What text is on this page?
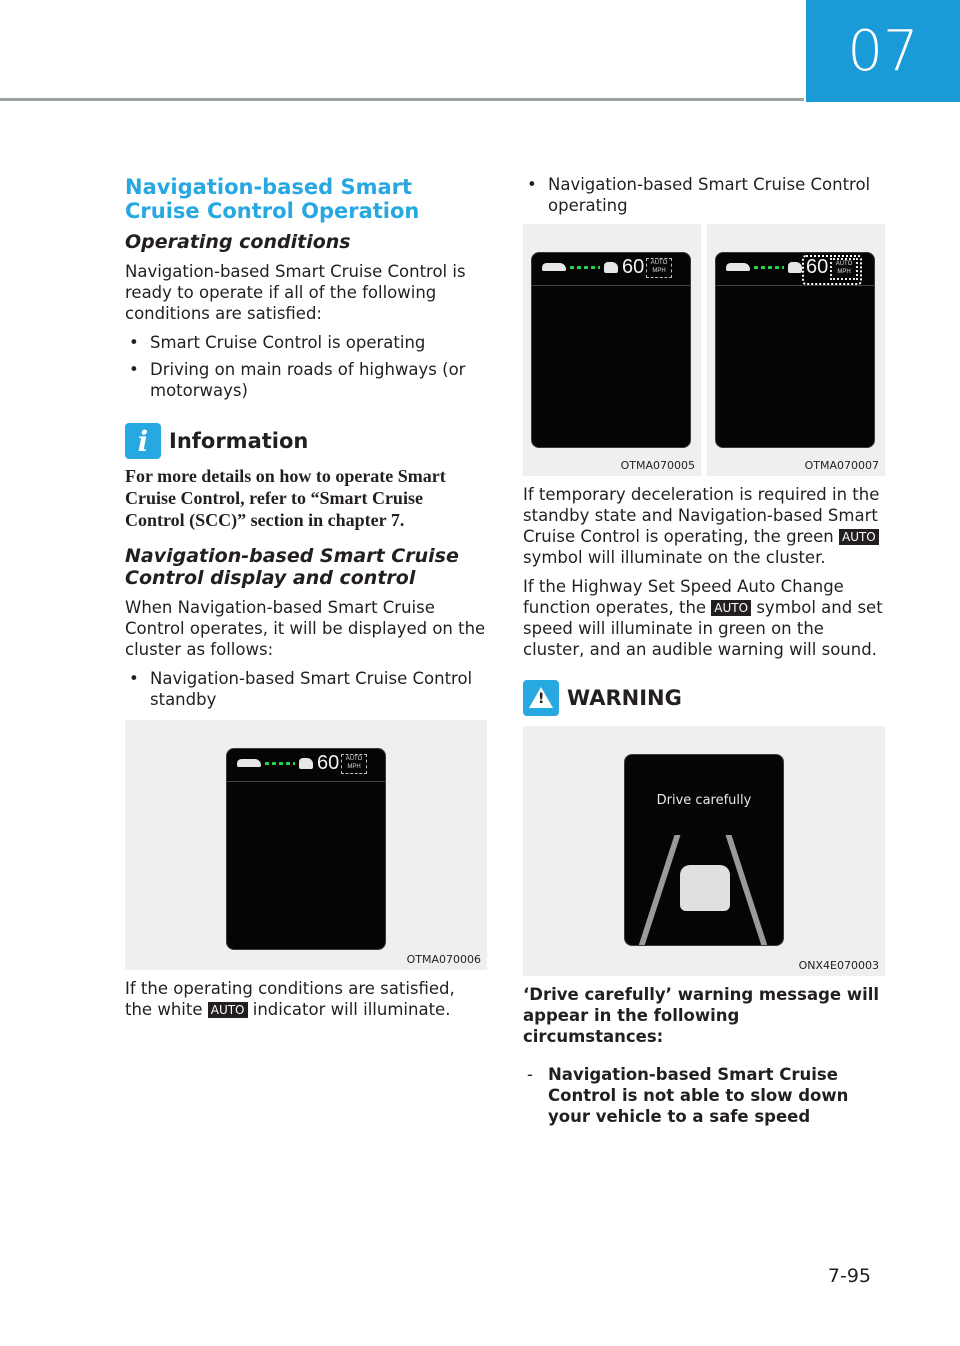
07

Navigation-based Smart Cruise Control Operation

Operating conditions

Navigation-based Smart Cruise Control is ready to operate if all of the following conditions are satisfied:

• Smart Cruise Control is operating

• Driving on main roads of highways (or motorways)

i Information

For more details on how to operate Smart Cruise Control, refer to “Smart Cruise Control (SCC)” section in chapter 7.

Navigation-based Smart Cruise Control display and control

When Navigation-based Smart Cruise Control operates, it will be displayed on the cluster as follows:

• Navigation-based Smart Cruise Control standby

60	AUTO
MPH
OTMA070006

If the operating conditions are satisfied, the white AUTO indicator will illuminate.

• Navigation-based Smart Cruise Control operating

60	AUTO
MPH
OTMA070005
60	AUTO
MPH
OTMA070007

If temporary deceleration is required in the standby state and Navigation-based Smart Cruise Control is operating, the green AUTO symbol will illuminate on the cluster.

If the Highway Set Speed Auto Change function operates, the AUTO symbol and set speed will illuminate in green on the cluster, and an audible warning will sound.

!
WARNING
Drive carefully
ONX4E070003

‘Drive carefully’ warning message will appear in the following circumstances:

- Navigation-based Smart Cruise Control is not able to slow down your vehicle to a safe speed

7-95
